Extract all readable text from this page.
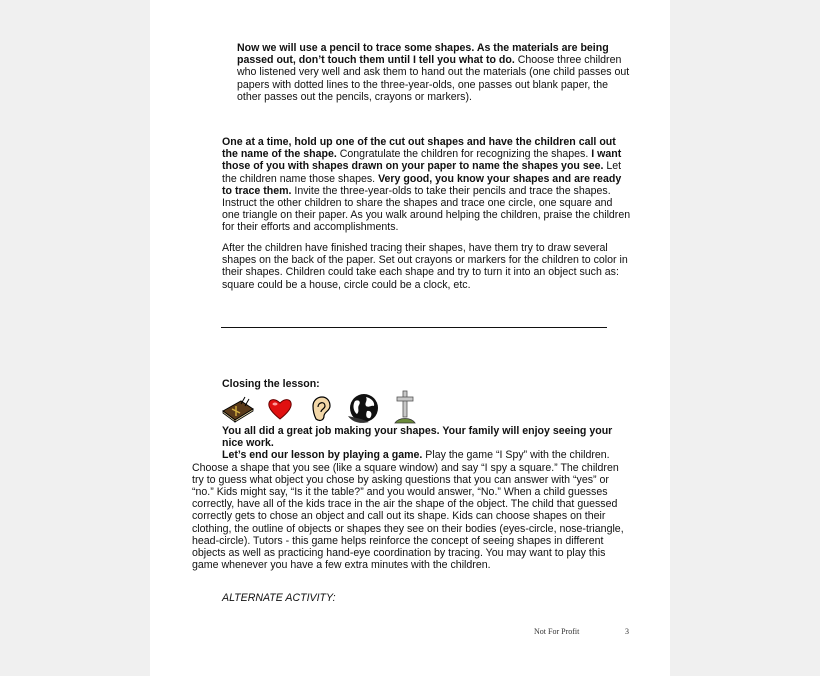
Now we will use a pencil to trace some shapes. As the materials are being passed out, don’t touch them until I tell you what to do. Choose three children who listened very well and ask them to hand out the materials (one child passes out papers with dotted lines to the three-year-olds, one passes out blank paper, the other passes out the pencils, crayons or markers).

One at a time, hold up one of the cut out shapes and have the children call out the name of the shape. Congratulate the children for recognizing the shapes. I want those of you with shapes drawn on your paper to name the shapes you see. Let the children name those shapes. Very good, you know your shapes and are ready to trace them. Invite the three-year-olds to take their pencils and trace the shapes. Instruct the other children to share the shapes and trace one circle, one square and one triangle on their paper. As you walk around helping the children, praise the children for their efforts and accomplishments.

After the children have finished tracing their shapes, have them try to draw several shapes on the back of the paper. Set out crayons or markers for the children to color in their shapes. Children could take each shape and try to turn it into an object such as: square could be a house, circle could be a clock, etc.

Closing the lesson:

You all did a great job making your shapes. Your family will enjoy seeing your nice work.
Let’s end our lesson by playing a game. Play the game “I Spy” with the children. Choose a shape that you see (like a square window) and say “I spy a square.” The children try to guess what object you chose by asking questions that you can answer with “yes” or “no.” Kids might say, “Is it the table?” and you would answer, “No.” When a child guesses correctly, have all of the kids trace in the air the shape of the object. The child that guessed correctly gets to chose an object and call out its shape. Kids can choose shapes on their clothing, the outline of objects or shapes they see on their bodies (eyes-circle, nose-triangle, head-circle). Tutors - this game helps reinforce the concept of seeing shapes in different objects as well as practicing hand-eye coordination by tracing. You may want to play this game whenever you have a few extra minutes with the children.

ALTERNATE ACTIVITY:

Not For Profit	3
